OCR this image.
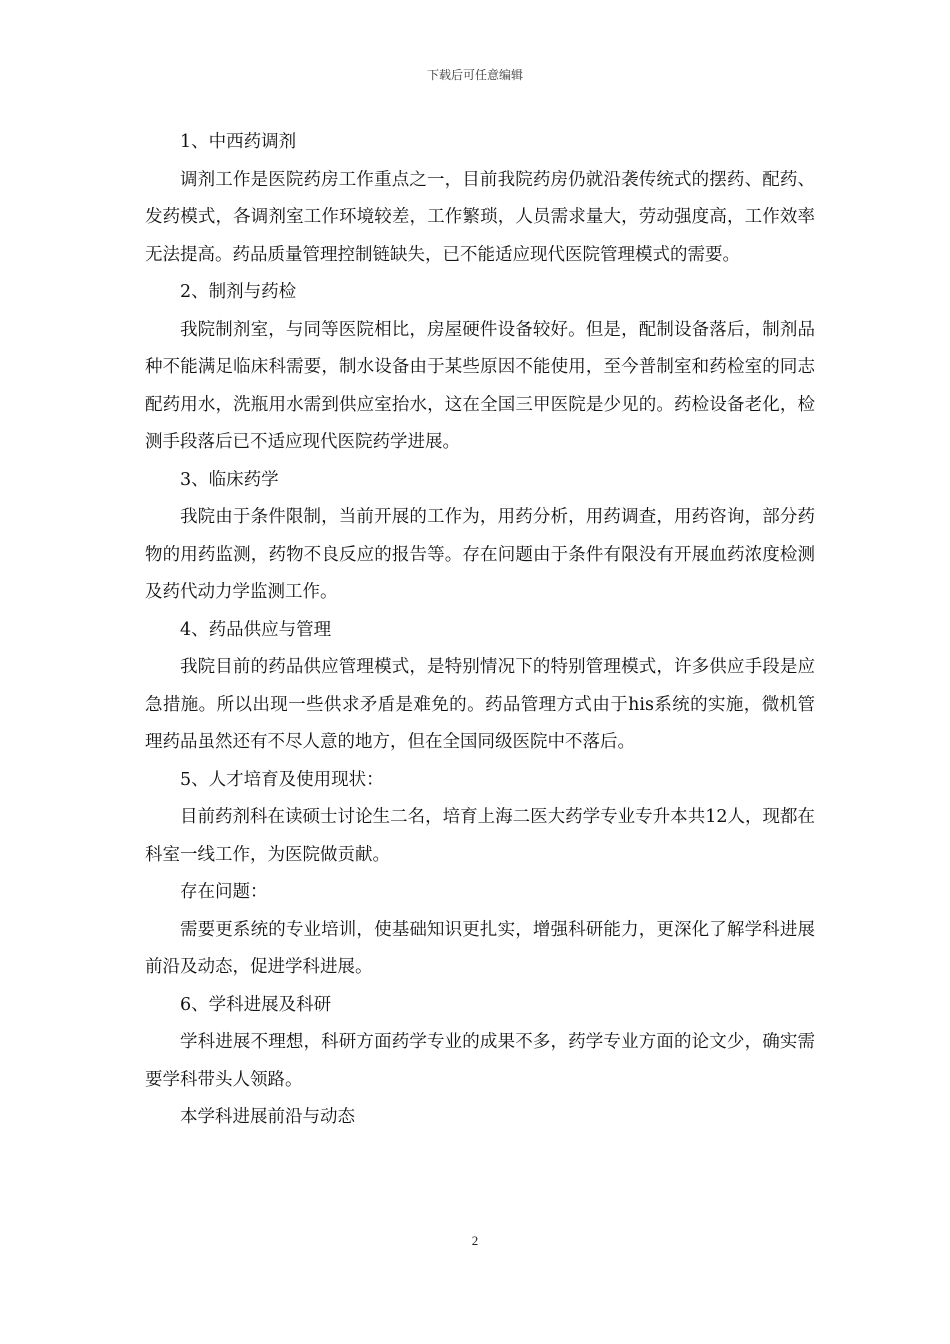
下载后可任意编辑

1、中西药调剂

调剂工作是医院药房工作重点之一，目前我院药房仍就沿袭传统式的摆药、配药、发药模式，各调剂室工作环境较差，工作繁琐，人员需求量大，劳动强度高，工作效率无法提高。药品质量管理控制链缺失，已不能适应现代医院管理模式的需要。

2、制剂与药检

我院制剂室，与同等医院相比，房屋硬件设备较好。但是，配制设备落后，制剂品种不能满足临床科需要，制水设备由于某些原因不能使用，至今普制室和药检室的同志配药用水，洗瓶用水需到供应室抬水，这在全国三甲医院是少见的。药检设备老化，检测手段落后已不适应现代医院药学进展。

3、临床药学

我院由于条件限制，当前开展的工作为，用药分析，用药调查，用药咨询，部分药物的用药监测，药物不良反应的报告等。存在问题由于条件有限没有开展血药浓度检测及药代动力学监测工作。

4、药品供应与管理

我院目前的药品供应管理模式，是特别情况下的特别管理模式，许多供应手段是应急措施。所以出现一些供求矛盾是难免的。药品管理方式由于his系统的实施，微机管理药品虽然还有不尽人意的地方，但在全国同级医院中不落后。

5、人才培育及使用现状：

目前药剂科在读硕士讨论生二名，培育上海二医大药学专业专升本共12人，现都在科室一线工作，为医院做贡献。

存在问题：

需要更系统的专业培训，使基础知识更扎实，增强科研能力，更深化了解学科进展前沿及动态，促进学科进展。

6、学科进展及科研

学科进展不理想，科研方面药学专业的成果不多，药学专业方面的论文少，确实需要学科带头人领路。

本学科进展前沿与动态

2
